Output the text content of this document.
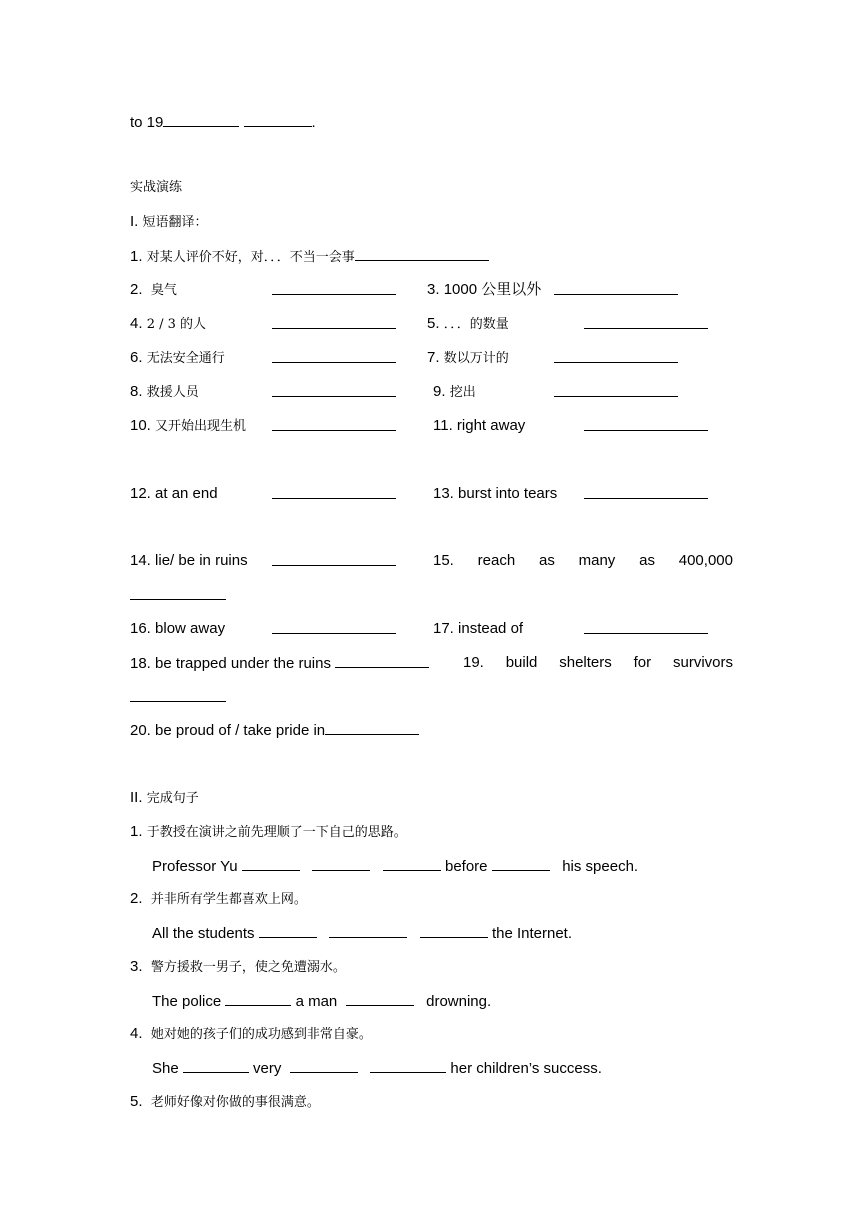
to 19	.
实战演练
I. 短语翻译：
1. 对某人评价不好，对．．．不当一会事
2. 臭气	3. 1000 公里以外
4. 2 / 3 的人	5. ．．．的数量
6. 无法安全通行	7. 数以万计的
8. 救援人员	9. 挖出
10. 又开始出现生机	11. right away
12. at an end	13. burst into tears
14. lie/ be in ruins	15. reach as many as 400,000
16. blow away	17. instead of
18. be trapped under the ruins	19. build shelters for survivors
20. be proud of / take pride in
II. 完成句子
1. 于教授在演讲之前先理顺了一下自己的思路。
Professor Yu	before	his speech.
2. 并非所有学生都喜欢上网。
All the students	the Internet.
3. 警方援救一男子，使之免遭溺水。
The police	a man	drowning.
4. 她对她的孩子们的成功感到非常自豪。
She	very	her children’s success.
5. 老师好像对你做的事很满意。
